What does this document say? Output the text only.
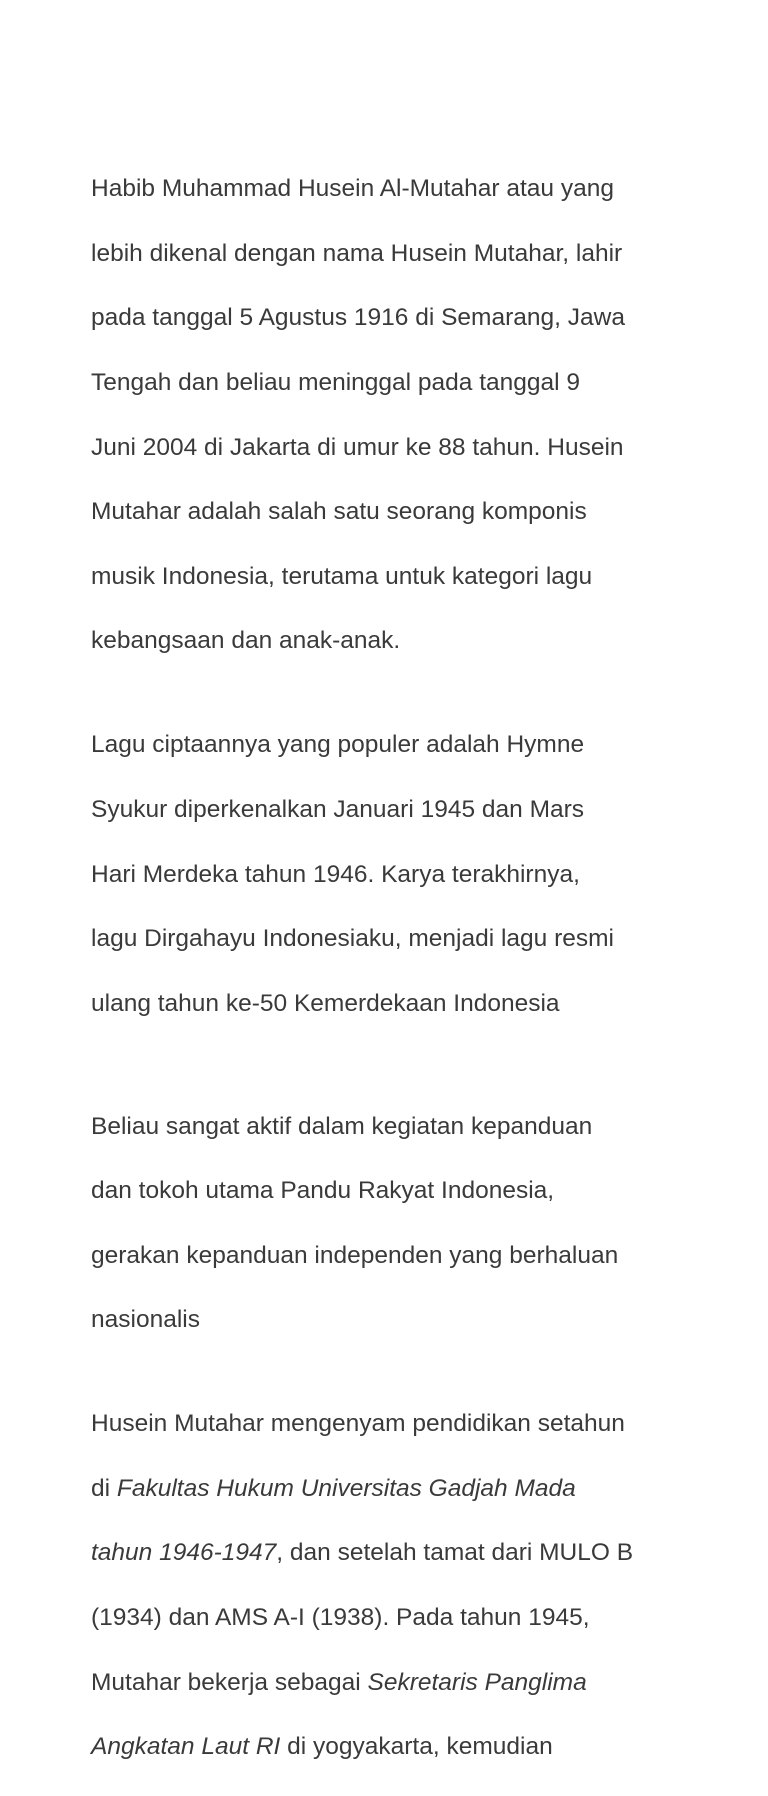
Habib Muhammad Husein Al-Mutahar atau yang

lebih dikenal dengan nama Husein Mutahar, lahir

pada tanggal 5 Agustus 1916 di Semarang, Jawa

Tengah dan beliau meninggal pada tanggal 9

Juni 2004 di Jakarta di umur ke 88 tahun. Husein

Mutahar adalah salah satu seorang komponis

musik Indonesia, terutama untuk kategori lagu

kebangsaan dan anak-anak.

Lagu ciptaannya yang populer adalah Hymne

Syukur diperkenalkan Januari 1945 dan Mars

Hari Merdeka tahun 1946. Karya terakhirnya,

lagu Dirgahayu Indonesiaku, menjadi lagu resmi

ulang tahun ke-50 Kemerdekaan Indonesia

Beliau sangat aktif dalam kegiatan kepanduan

dan tokoh utama Pandu Rakyat Indonesia,

gerakan kepanduan independen yang berhaluan

nasionalis

Husein Mutahar mengenyam pendidikan setahun

di Fakultas Hukum Universitas Gadjah Mada

tahun 1946-1947, dan setelah tamat dari MULO B

(1934) dan AMS A-I (1938). Pada tahun 1945,

Mutahar bekerja sebagai Sekretaris Panglima

Angkatan Laut RI di yogyakarta, kemudian
